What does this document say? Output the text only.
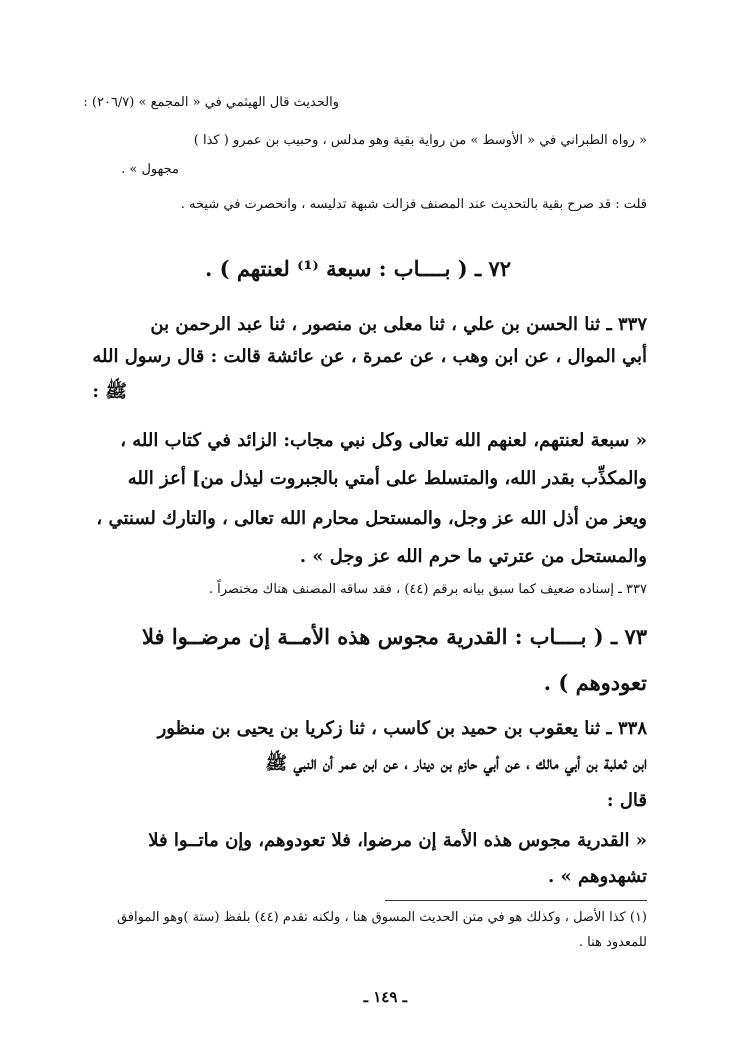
والحديث قال الهيثمي في « المجمع » (٢٠٦/٧) :
« رواه الطبراني في « الأوسط » من رواية بقية وهو مدلس ، وحبيب بن عمرو ( كذا )
مجهول » .
قلت : قد صرح بقية بالتحديث عند المصنف فزالت شبهة تدليسه ، وانحصرت في شيخه .
٧٢ ـ ( بــــاب : سبعة ⁽¹⁾ لعنتهم ) .
٣٣٧ ـ ثنا الحسن بن علي ، ثنا معلى بن منصور ، ثنا عبد الرحمن بن
أبي الموال ، عن ابن وهب ، عن عمرة ، عن عائشة قالت : قال رسول الله
ﷺ :
« سبعة لعنتهم، لعنهم الله تعالى وكل نبي مجاب: الزائد في كتاب الله ،
والمكذِّب بقدر الله، والمتسلط على أمتي بالجبروت ليذل من] أعز الله
ويعز من أذل الله عز وجل، والمستحل محارم الله تعالى ، والتارك لسنتي ،
والمستحل من عترتي ما حرم الله عز وجل » .
٣٣٧ ـ إسناده ضعيف كما سبق بيانه برقم (٤٤) ، فقد ساقه المصنف هناك مختصراً .
٧٣ ـ ( بــــاب : القدرية مجوس هذه الأمــة إن مرضــوا فلا
تعودوهم ) .
٣٣٨ ـ ثنا يعقوب بن حميد بن كاسب ، ثنا زكريا بن يحيى بن منظور
ابن ثعلبة بن أبي مالك ، عن أبي حازم بن دينار ، عن ابن عمر أن النبي ﷺ
قال :
« القدرية مجوس هذه الأمة إن مرضوا، فلا تعودوهم، وإن ماتــوا فلا
تشهدوهم » .
(١) كذا الأصل ، وكذلك هو في متن الحديث المسوق هنا ، ولكنه تقدم (٤٤) بلفظ (ستة )وهو الموافق
للمعدود هنا .
ـ ١٤٩ ـ
